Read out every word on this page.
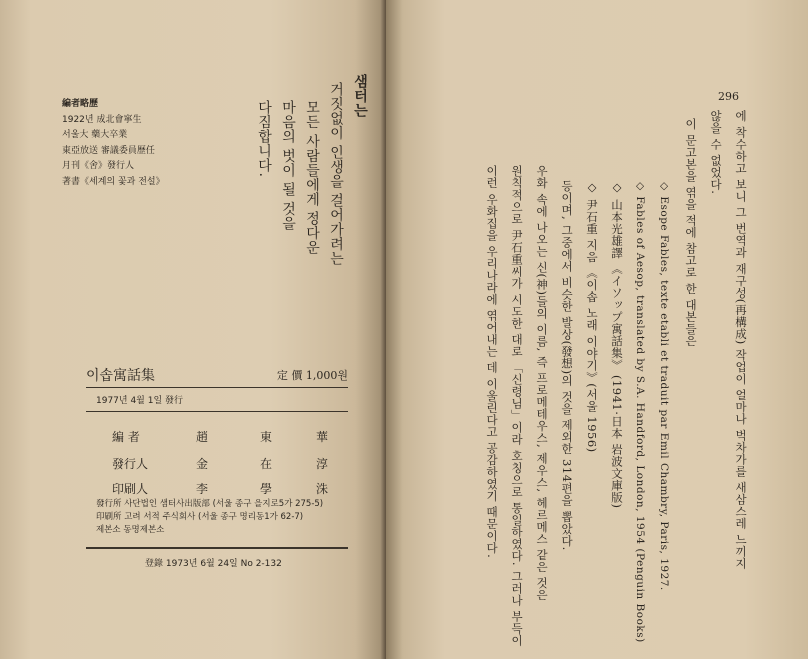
샘터는
거짓없이 인생을 걸어가려는
모든 사람들에게 정다운
마음의 벗이 될 것을
다짐합니다.
編者略歷
1922년 成北會寧生
서울大 藥大卒業
東亞放送 審議委員歷任
月刊《舍》發行人
著書《세계의 꽃과 전설》
이솝寓話集	定 價 1,000원
1977년 4월 1일 發行
編 者	趙	東	華
發行人	金	在	淳
印刷人	李	學	洙
發行所 사단법인 샘터사出版部 (서울 종구 을지로5가 275-5)
印刷所 고려 서적 주식회사 (서울 종구 명리동1가 62-7)
제본소 동명제본소
登錄 1973년 6월 24일 No 2-132
296
에 착수하고 보니 그 번역과 재구성(再構成) 작업이 얼마나 벅차가를 새삼스레 느끼지
않을 수 없었다.
이 문고본을 엮을 적에 참고로 한 대본들은
◇ Esope Fables, texte etabli et traduit par Emil Chambry, Paris, 1927.
◇ Fables of Aesop, translated by S.A. Handford, London, 1954 (Penguin Books)
◇ 山本光雄譯 《イソップ寓話集》 (1941·日本 岩波文庫版)
◇ 尹石重 지음 《이솝 노래 이야기》(서울 1956)
등이며, 그중에서 비슷한 발상(發想)의 것을 제외한 314편을 뽑았다.
우화 속에 나오는 신(神)들의 이름, 즉 프로메테우스, 제우스, 헤르메스 같은 것은
원칙적으로 尹石重씨가 시도한 대로 「신령님」이라 호칭으로 통일하였다. 그러나 부득이
이런 우화집을 우리나라에 엮어내는 데 이울린다고 공감하였기 때문이다.
